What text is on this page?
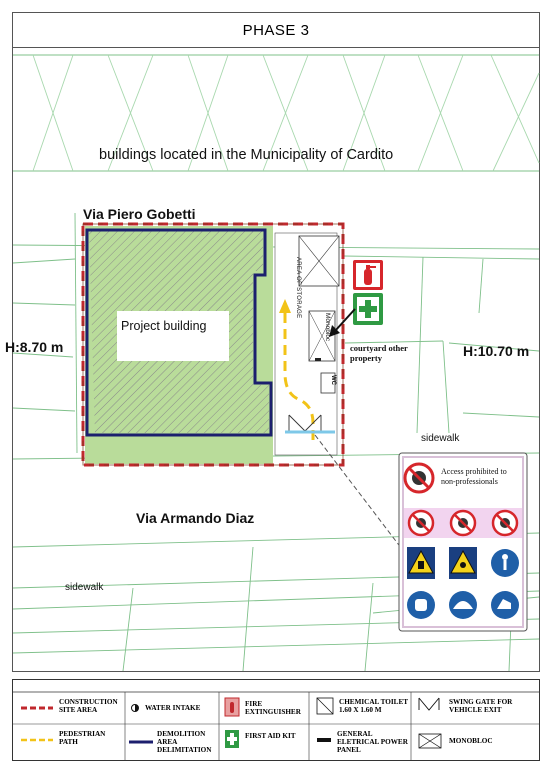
PHASE 3
buildings located in the Municipality of Cardito
Via Piero Gobetti
H:8.70 m	H:10.70 m
Project building
courtyard other property
sidewalk
Via Armando Diaz
sidewalk
AREA OF STORAGE
Monobloc
WC
Access prohibited to non-professionals
CONSTRUCTION SITE AREA
PEDESTRIAN PATH
WATER INTAKE
DEMOLITION AREA DELIMITATION
FIRE EXTINGUISHER
FIRST AID KIT
CHEMICAL TOILET 1.60 X 1.60 M
GENERAL ELETRICAL POWER PANEL
SWING GATE FOR VEHICLE EXIT
MONOBLOC
